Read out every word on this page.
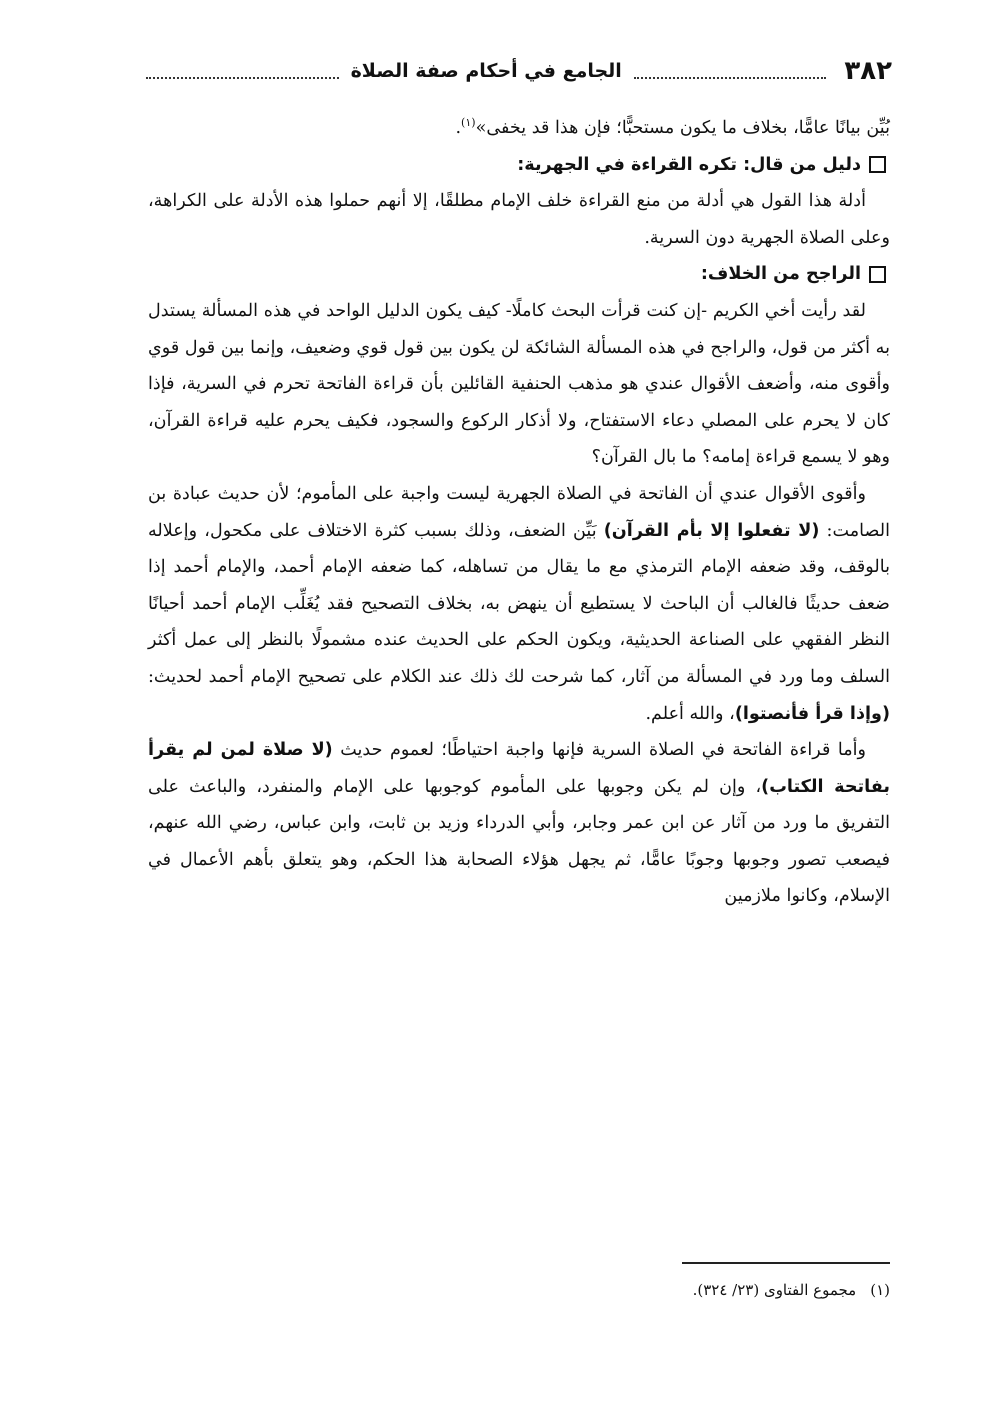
٣٨٢
الجامع في أحكام صفة الصلاة

بُيِّن بيانًا عامًّا، بخلاف ما يكون مستحبًّا؛ فإن هذا قد يخفى»$^{(١)}$.

دليل من قال: تكره القراءة في الجهرية:

أدلة هذا القول هي أدلة من منع القراءة خلف الإمام مطلقًا، إلا أنهم حملوا هذه الأدلة على الكراهة، وعلى الصلاة الجهرية دون السرية.

الراجح من الخلاف:

لقد رأيت أخي الكريم -إن كنت قرأت البحث كاملًا- كيف يكون الدليل الواحد في هذه المسألة يستدل به أكثر من قول، والراجح في هذه المسألة الشائكة لن يكون بين قول قوي وضعيف، وإنما بين قول قوي وأقوى منه، وأضعف الأقوال عندي هو مذهب الحنفية القائلين بأن قراءة الفاتحة تحرم في السرية، فإذا كان لا يحرم على المصلي دعاء الاستفتاح، ولا أذكار الركوع والسجود، فكيف يحرم عليه قراءة القرآن، وهو لا يسمع قراءة إمامه؟ ما بال القرآن؟

وأقوى الأقوال عندي أن الفاتحة في الصلاة الجهرية ليست واجبة على المأموم؛ لأن حديث عبادة بن الصامت: (لا تفعلوا إلا بأم القرآن) بَيِّن الضعف، وذلك بسبب كثرة الاختلاف على مكحول، وإعلاله بالوقف، وقد ضعفه الإمام الترمذي مع ما يقال من تساهله، كما ضعفه الإمام أحمد، والإمام أحمد إذا ضعف حديثًا فالغالب أن الباحث لا يستطيع أن ينهض به، بخلاف التصحيح فقد يُغَلِّب الإمام أحمد أحيانًا النظر الفقهي على الصناعة الحديثية، ويكون الحكم على الحديث عنده مشمولًا بالنظر إلى عمل أكثر السلف وما ورد في المسألة من آثار، كما شرحت لك ذلك عند الكلام على تصحيح الإمام أحمد لحديث: (وإذا قرأ فأنصتوا)، والله أعلم.

وأما قراءة الفاتحة في الصلاة السرية فإنها واجبة احتياطًا؛ لعموم حديث (لا صلاة لمن لم يقرأ بفاتحة الكتاب)، وإن لم يكن وجوبها على المأموم كوجوبها على الإمام والمنفرد، والباعث على التفريق ما ورد من آثار عن ابن عمر وجابر، وأبي الدرداء وزيد بن ثابت، وابن عباس، رضي الله عنهم، فيصعب تصور وجوبها وجوبًا عامًّا، ثم يجهل هؤلاء الصحابة هذا الحكم، وهو يتعلق بأهم الأعمال في الإسلام، وكانوا ملازمين

(١)مجموع الفتاوى (٢٣/ ٣٢٤).
